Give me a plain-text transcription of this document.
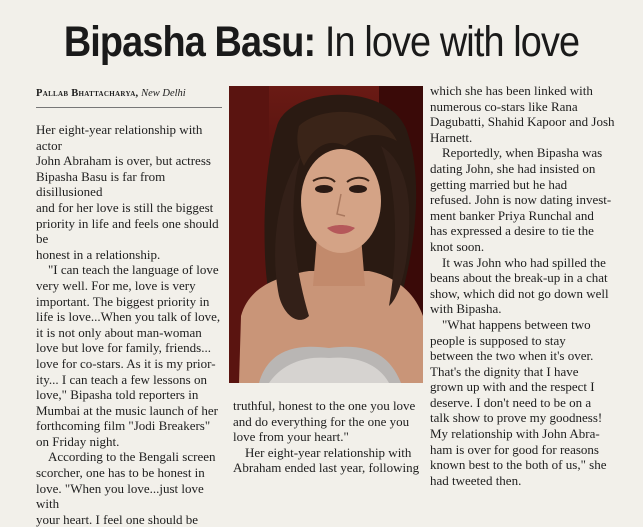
Bipasha Basu: In love with love
Pallab Bhattacharya, New Delhi

Her eight-year relationship with actor
John Abraham is over, but actress
Bipasha Basu is far from disillusioned
and for her love is still the biggest
priority in life and feels one should be
honest in a relationship.

"I can teach the language of love
very well. For me, love is very
important. The biggest priority in
life is love...When you talk of love,
it is not only about man-woman
love but love for family, friends...
love for co-stars. As it is my prior-
ity... I can teach a few lessons on
love," Bipasha told reporters in
Mumbai at the music launch of her
forthcoming film "Jodi Breakers"
on Friday night.

According to the Bengali screen
scorcher, one has to be honest in
love. "When you love...just love with
your heart. I feel one should be

truthful, honest to the one you love
and do everything for the one you
love from your heart."

Her eight-year relationship with
Abraham ended last year, following

which she has been linked with
numerous co-stars like Rana
Dagubatti, Shahid Kapoor and Josh
Harnett.

Reportedly, when Bipasha was
dating John, she had insisted on
getting married but he had
refused. John is now dating invest-
ment banker Priya Runchal and
has expressed a desire to tie the
knot soon.

It was John who had spilled the
beans about the break-up in a chat
show, which did not go down well
with Bipasha.

"What happens between two
people is supposed to stay
between the two when it's over.
That's the dignity that I have
grown up with and the respect I
deserve. I don't need to be on a
talk show to prove my goodness!
My relationship with John Abra-
ham is over for good for reasons
known best to the both of us," she
had tweeted then.
